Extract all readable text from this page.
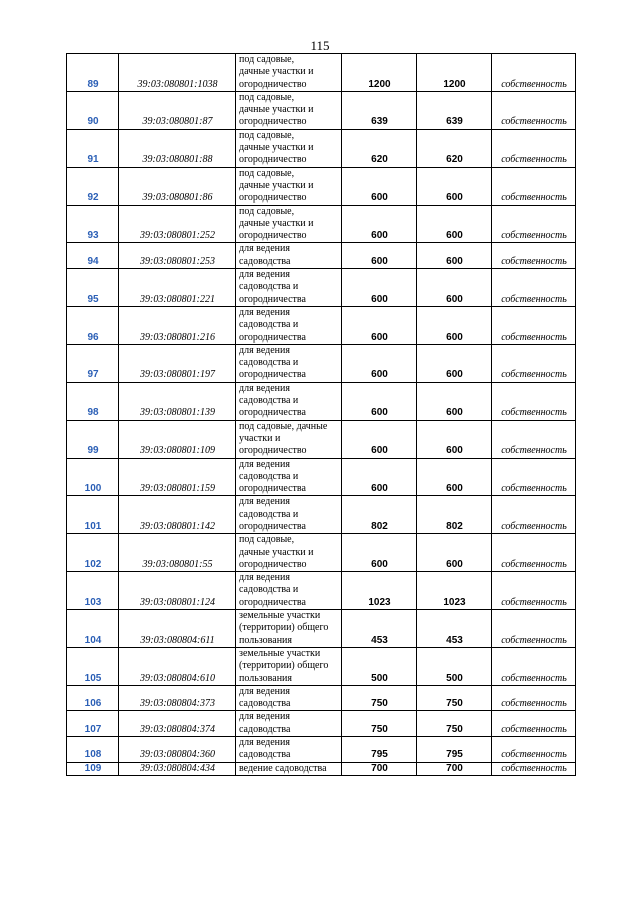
115
89	39:03:080801:1038	под садовые,
дачные участки и
огородничество	1200	1200	собственность
90	39:03:080801:87	под садовые,
дачные участки и
огородничество	639	639	собственность
91	39:03:080801:88	под садовые,
дачные участки и
огородничество	620	620	собственность
92	39:03:080801:86	под садовые,
дачные участки и
огородничество	600	600	собственность
93	39:03:080801:252	под садовые,
дачные участки и
огородничество	600	600	собственность
94	39:03:080801:253	для ведения
садоводства	600	600	собственность
95	39:03:080801:221	для ведения
садоводства и
огородничества	600	600	собственность
96	39:03:080801:216	для ведения
садоводства и
огородничества	600	600	собственность
97	39:03:080801:197	для ведения
садоводства и
огородничества	600	600	собственность
98	39:03:080801:139	для ведения
садоводства и
огородничества	600	600	собственность
99	39:03:080801:109	под садовые, дачные
участки и
огородничество	600	600	собственность
100	39:03:080801:159	для ведения
садоводства и
огородничества	600	600	собственность
101	39:03:080801:142	для ведения
садоводства и
огородничества	802	802	собственность
102	39:03:080801:55	под садовые,
дачные участки и
огородничество	600	600	собственность
103	39:03:080801:124	для ведения
садоводства и
огородничества	1023	1023	собственность
104	39:03:080804:611	земельные участки
(территории) общего
пользования	453	453	собственность
105	39:03:080804:610	земельные участки
(территории) общего
пользования	500	500	собственность
106	39:03:080804:373	для ведения
садоводства	750	750	собственность
107	39:03:080804:374	для ведения
садоводства	750	750	собственность
108	39:03:080804:360	для ведения
садоводства	795	795	собственность
109	39:03:080804:434	ведение садоводства	700	700	собственность
